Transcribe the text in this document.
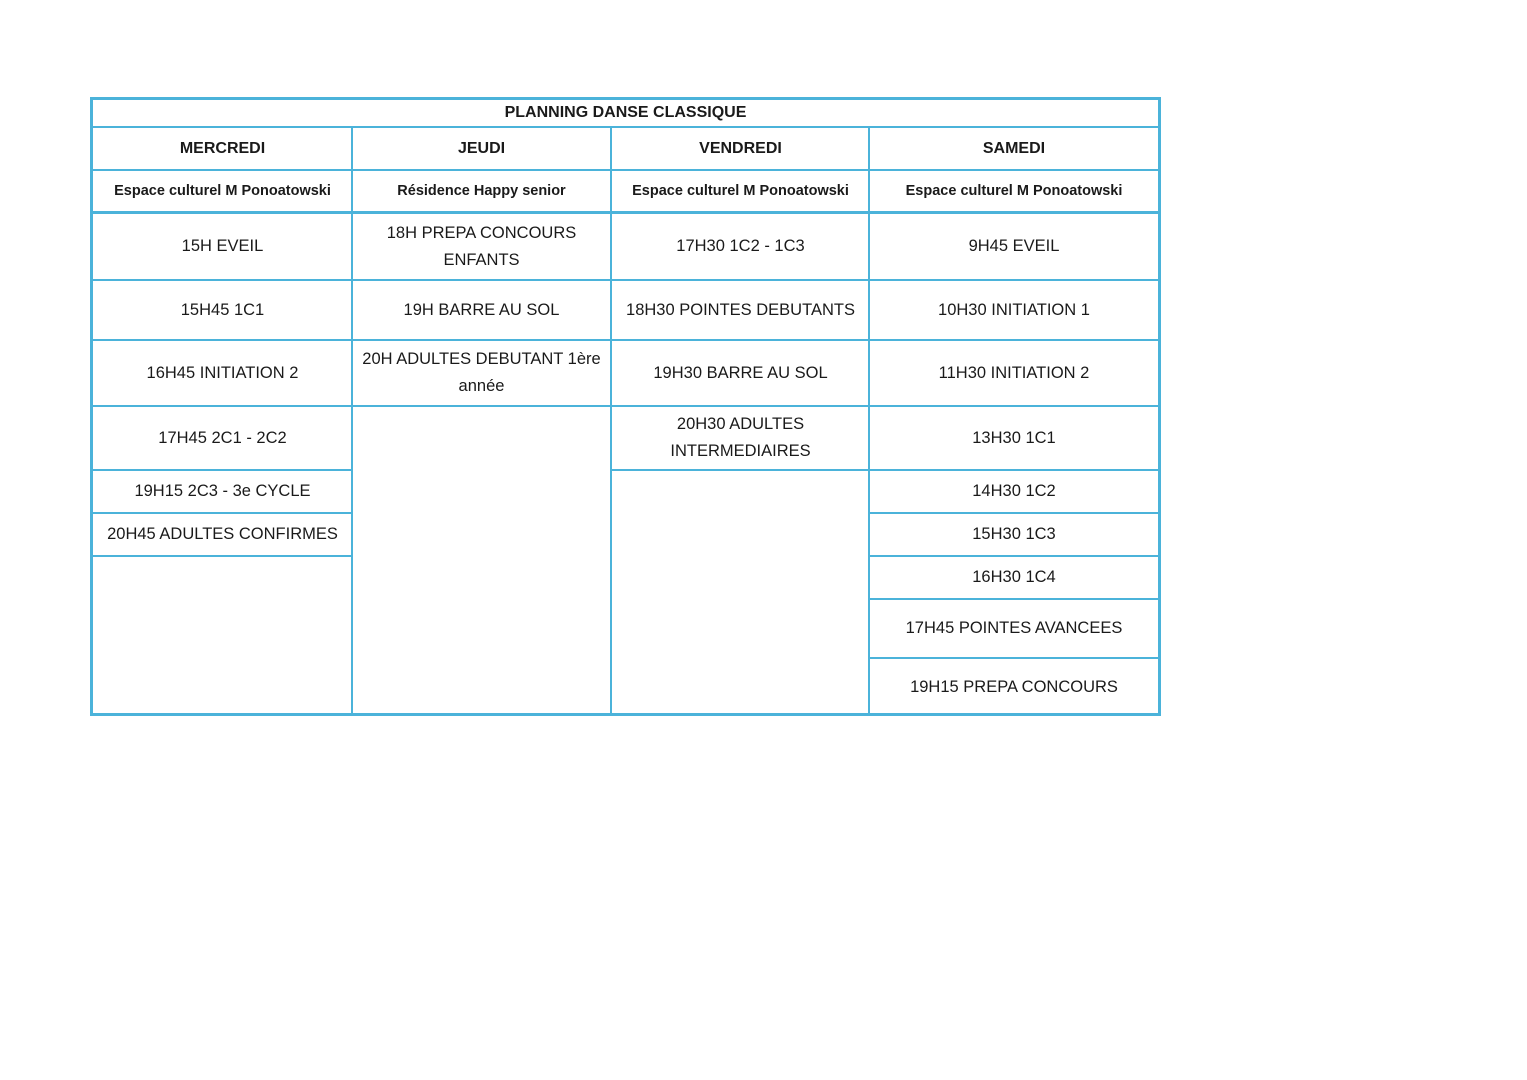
PLANNING DANSE CLASSIQUE
MERCREDI
Espace culturel M Ponoatowski
15H EVEIL
15H45 1C1
16H45 INITIATION 2
17H45 2C1 - 2C2
19H15 2C3 - 3e CYCLE
20H45 ADULTES CONFIRMES
JEUDI
Résidence Happy senior
18H PREPA CONCOURS ENFANTS
19H BARRE AU SOL
20H ADULTES DEBUTANT 1ère année
VENDREDI
Espace culturel M Ponoatowski
17H30 1C2 - 1C3
18H30 POINTES DEBUTANTS
19H30 BARRE AU SOL
20H30 ADULTES INTERMEDIAIRES
SAMEDI
Espace culturel M Ponoatowski
9H45 EVEIL
10H30 INITIATION 1
11H30 INITIATION 2
13H30 1C1
14H30 1C2
15H30 1C3
16H30 1C4
17H45 POINTES AVANCEES
19H15 PREPA CONCOURS
